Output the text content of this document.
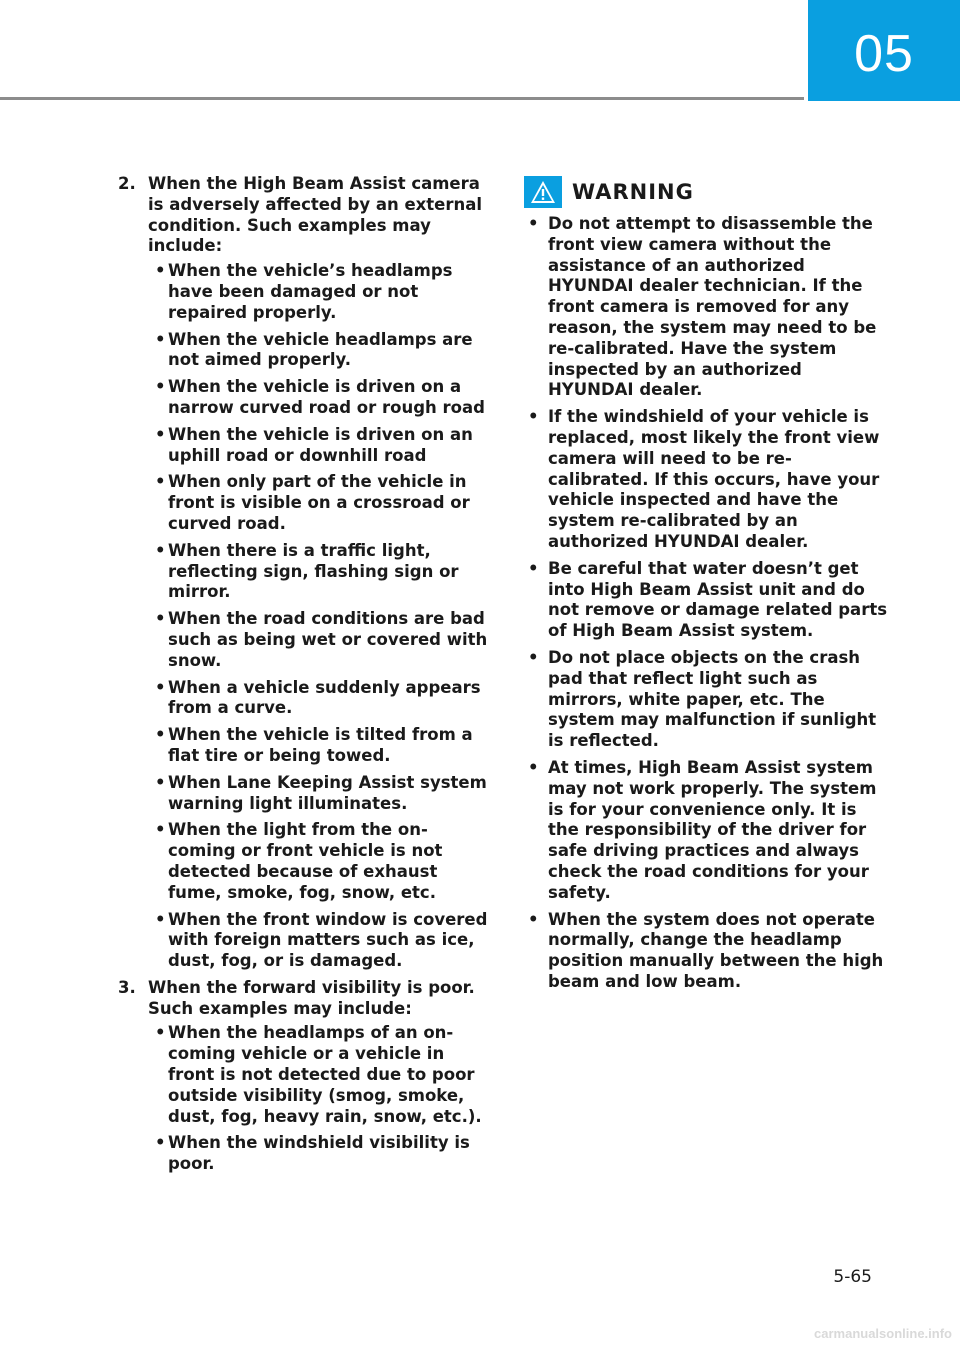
05
2. When the High Beam Assist camera is adversely affected by an external condition. Such examples may include:
• When the vehicle’s headlamps have been damaged or not repaired properly.
• When the vehicle headlamps are not aimed properly.
• When the vehicle is driven on a narrow curved road or rough road
• When the vehicle is driven on an uphill road or downhill road
• When only part of the vehicle in front is visible on a crossroad or curved road.
• When there is a traffic light, reflecting sign, flashing sign or mirror.
• When the road conditions are bad such as being wet or covered with snow.
• When a vehicle suddenly appears from a curve.
• When the vehicle is tilted from a flat tire or being towed.
• When Lane Keeping Assist system warning light illuminates.
• When the light from the on-coming or front vehicle is not detected because of exhaust fume, smoke, fog, snow, etc.
• When the front window is covered with foreign matters such as ice, dust, fog, or is damaged.
3. When the forward visibility is poor. Such examples may include:
• When the headlamps of an on-coming vehicle or a vehicle in front is not detected due to poor outside visibility (smog, smoke, dust, fog, heavy rain, snow, etc.).
• When the windshield visibility is poor.
WARNING
• Do not attempt to disassemble the front view camera without the assistance of an authorized HYUNDAI dealer technician. If the front camera is removed for any reason, the system may need to be re-calibrated. Have the system inspected by an authorized HYUNDAI dealer.
• If the windshield of your vehicle is replaced, most likely the front view camera will need to be re-calibrated. If this occurs, have your vehicle inspected and have the system re-calibrated by an authorized HYUNDAI dealer.
• Be careful that water doesn’t get into High Beam Assist unit and do not remove or damage related parts of High Beam Assist system.
• Do not place objects on the crash pad that reflect light such as mirrors, white paper, etc. The system may malfunction if sunlight is reflected.
• At times, High Beam Assist system may not work properly. The system is for your convenience only. It is the responsibility of the driver for safe driving practices and always check the road conditions for your safety.
• When the system does not operate normally, change the headlamp position manually between the high beam and low beam.
5-65
carmanualsonline.info
